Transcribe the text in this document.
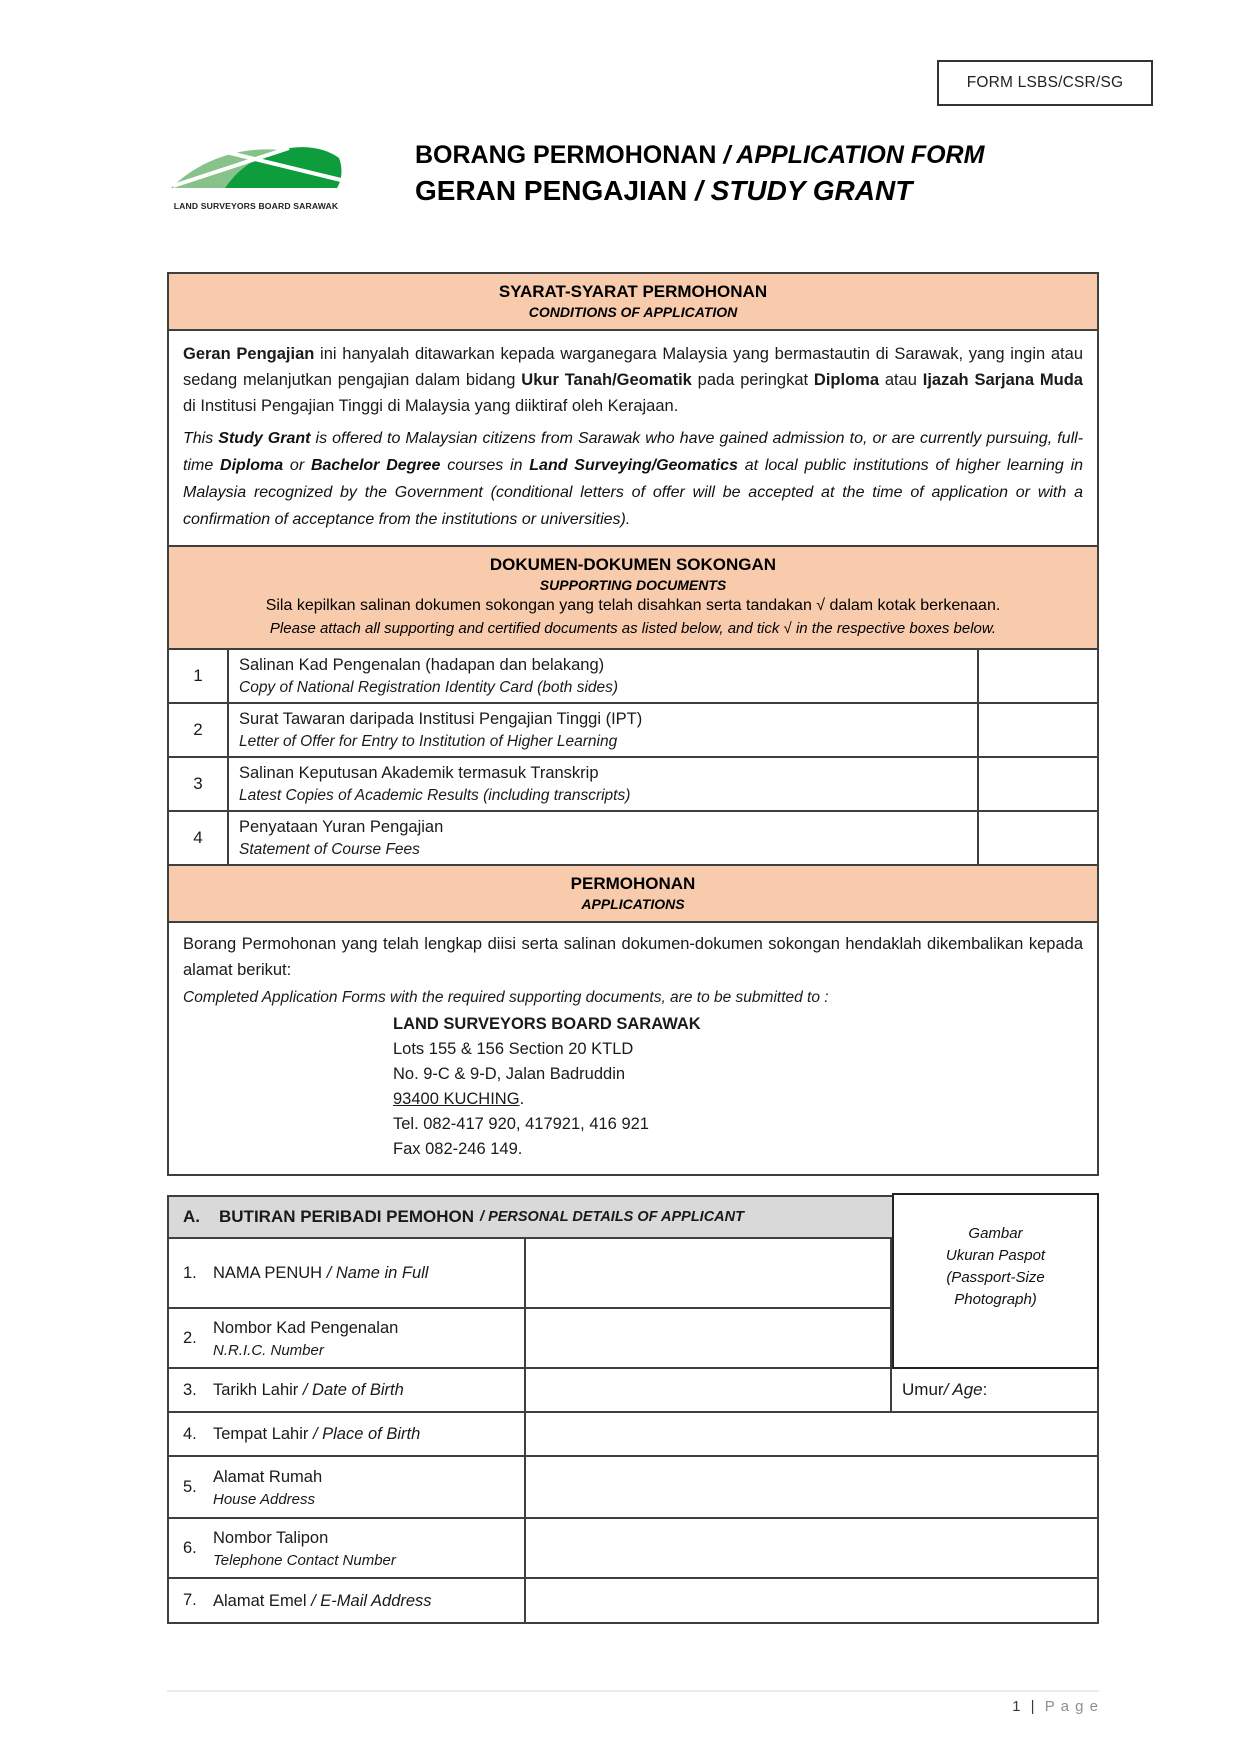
FORM LSBS/CSR/SG
LAND SURVEYORS BOARD SARAWAK
BORANG PERMOHONAN / APPLICATION FORM
GERAN PENGAJIAN / STUDY GRANT
SYARAT-SYARAT PERMOHONAN
CONDITIONS OF APPLICATION

Geran Pengajian ini hanyalah ditawarkan kepada warganegara Malaysia yang bermastautin di Sarawak, yang ingin atau sedang melanjutkan pengajian dalam bidang Ukur Tanah/Geomatik pada peringkat Diploma atau Ijazah Sarjana Muda di Institusi Pengajian Tinggi di Malaysia yang diiktiraf oleh Kerajaan.

This Study Grant is offered to Malaysian citizens from Sarawak who have gained admission to, or are currently pursuing, full-time Diploma or Bachelor Degree courses in Land Surveying/Geomatics at local public institutions of higher learning in Malaysia recognized by the Government (conditional letters of offer will be accepted at the time of application or with a confirmation of acceptance from the institutions or universities).

DOKUMEN-DOKUMEN SOKONGAN
SUPPORTING DOCUMENTS
Sila kepilkan salinan dokumen sokongan yang telah disahkan serta tandakan √ dalam kotak berkenaan.
Please attach all supporting and certified documents as listed below, and tick √ in the respective boxes below.
1
Salinan Kad Pengenalan (hadapan dan belakang)
Copy of National Registration Identity Card (both sides)
2
Surat Tawaran daripada Institusi Pengajian Tinggi (IPT)
Letter of Offer for Entry to Institution of Higher Learning
3
Salinan Keputusan Akademik termasuk Transkrip
Latest Copies of Academic Results (including transcripts)
4
Penyataan Yuran Pengajian
Statement of Course Fees
PERMOHONAN
APPLICATIONS

Borang Permohonan yang telah lengkap diisi serta salinan dokumen-dokumen sokongan hendaklah dikembalikan kepada alamat berikut:

Completed Application Forms with the required supporting documents, are to be submitted to :

LAND SURVEYORS BOARD SARAWAK
Lots 155 & 156 Section 20 KTLD
No. 9-C & 9-D, Jalan Badruddin
93400 KUCHING.
Tel. 082-417 920, 417921, 416 921
Fax 082-246 149.
A.	BUTIRAN PERIBADI PEMOHON / PERSONAL DETAILS OF APPLICANT
Gambar
Ukuran Paspot
(Passport-Size
Photograph)
1. NAMA PENUH / Name in Full
2.
Nombor Kad Pengenalan
N.R.I.C. Number
3. Tarikh Lahir / Date of Birth	Umur / Age :
4. Tempat Lahir / Place of Birth
5.
Alamat Rumah
House Address
6.
Nombor Talipon
Telephone Contact Number
7. Alamat Emel / E-Mail Address
1 | P a g e
